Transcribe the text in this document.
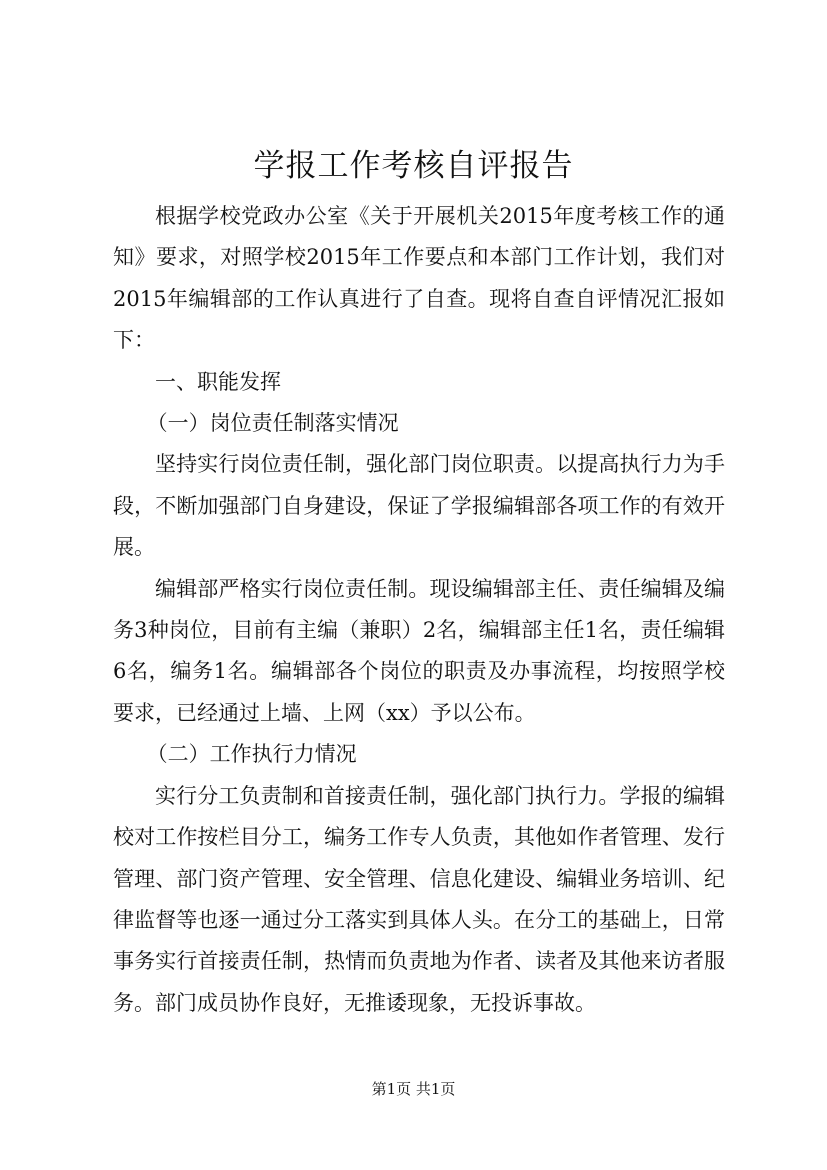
学报工作考核自评报告

根据学校党政办公室《关于开展机关2015年度考核工作的通知》要求，对照学校2015年工作要点和本部门工作计划，我们对2015年编辑部的工作认真进行了自查。现将自查自评情况汇报如下：

一、职能发挥

（一）岗位责任制落实情况

坚持实行岗位责任制，强化部门岗位职责。以提高执行力为手段，不断加强部门自身建设，保证了学报编辑部各项工作的有效开展。

编辑部严格实行岗位责任制。现设编辑部主任、责任编辑及编务3种岗位，目前有主编（兼职）2名，编辑部主任1名，责任编辑6名，编务1名。编辑部各个岗位的职责及办事流程，均按照学校要求，已经通过上墙、上网（xx）予以公布。

（二）工作执行力情况

实行分工负责制和首接责任制，强化部门执行力。学报的编辑校对工作按栏目分工，编务工作专人负责，其他如作者管理、发行管理、部门资产管理、安全管理、信息化建设、编辑业务培训、纪律监督等也逐一通过分工落实到具体人头。在分工的基础上，日常事务实行首接责任制，热情而负责地为作者、读者及其他来访者服务。部门成员协作良好，无推诿现象，无投诉事故。

第1页 共1页
